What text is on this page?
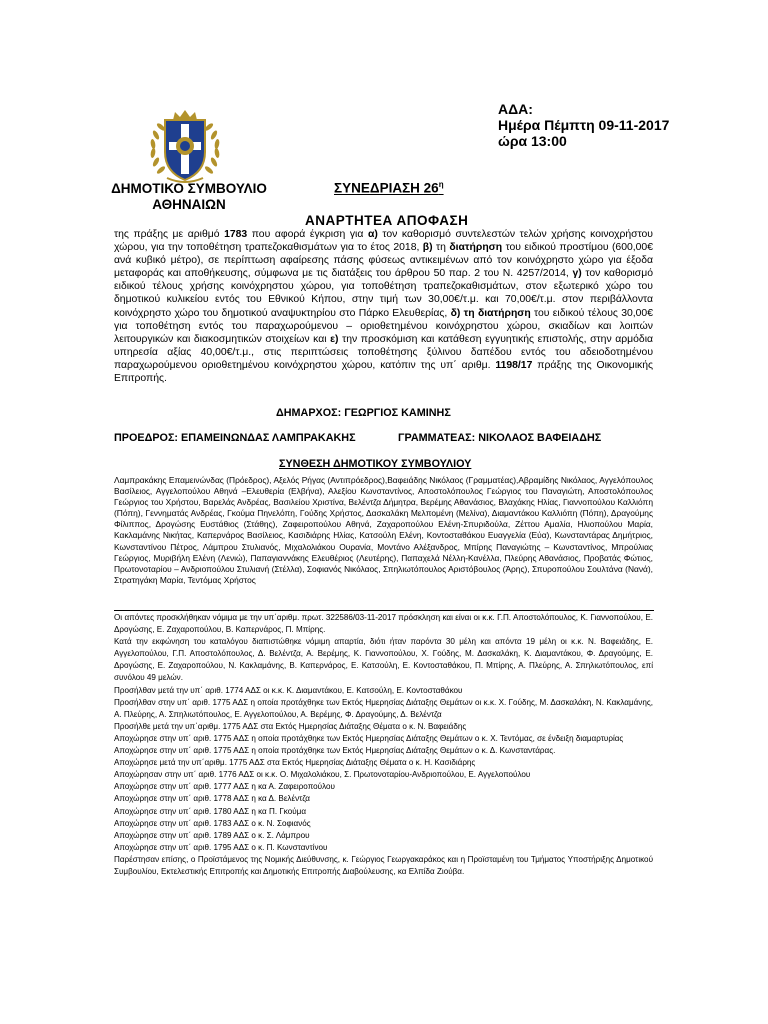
ΑΔΑ:
Ημέρα Πέμπτη 09-11-2017
ώρα 13:00
ΔΗΜΟΤΙΚΟ ΣΥΜΒΟΥΛΙΟ
ΑΘΗΝΑΙΩΝ
ΣΥΝΕΔΡΙΑΣΗ $26^\eta$
ΑΝΑΡΤΗΤΕΑ ΑΠΟΦΑΣΗ
της πράξης με αριθμό 1783 που αφορά έγκριση για α) τον καθορισμό συντελεστών τελών χρήσης κοινοχρήστου χώρου, για την τοποθέτηση τραπεζοκαθισμάτων για το έτος 2018, β) τη διατήρηση του ειδικού προστίμου (600,00€ ανά κυβικό μέτρο), σε περίπτωση αφαίρεσης πάσης φύσεως αντικειμένων από τον κοινόχρηστο χώρο για έξοδα μεταφοράς και αποθήκευσης, σύμφωνα με τις διατάξεις του άρθρου 50 παρ. 2 του Ν. 4257/2014, γ) τον καθορισμό ειδικού τέλους χρήσης κοινόχρηστου χώρου, για τοποθέτηση τραπεζοκαθισμάτων, στον εξωτερικό χώρο του δημοτικού κυλικείου εντός του Εθνικού Κήπου, στην τιμή των 30,00€/τ.μ. και 70,00€/τ.μ. στον περιβάλλοντα κοινόχρηστο χώρο του δημοτικού αναψυκτηρίου στο Πάρκο Ελευθερίας, δ) τη διατήρηση του ειδικού τέλους 30,00€ για τοποθέτηση εντός του παραχωρούμενου – οριοθετημένου κοινόχρηστου χώρου, σκιαδίων και λοιπών λειτουργικών και διακοσμητικών στοιχείων και ε) την προσκόμιση και κατάθεση εγγυητικής επιστολής, στην αρμόδια υπηρεσία αξίας 40,00€/τ.μ., στις περιπτώσεις τοποθέτησης ξύλινου δαπέδου εντός του αδειοδοτημένου παραχωρούμενου οριοθετημένου κοινόχρηστου χώρου, κατόπιν της υπ΄ αριθμ. 1198/17 πράξης της Οικονομικής Επιτροπής.
ΔΗΜΑΡΧΟΣ: ΓΕΩΡΓΙΟΣ ΚΑΜΙΝΗΣ
ΠΡΟΕΔΡΟΣ: ΕΠΑΜΕΙΝΩΝΔΑΣ ΛΑΜΠΡΑΚΑΚΗΣ	ΓΡΑΜΜΑΤΕΑΣ: ΝΙΚΟΛΑΟΣ ΒΑΦΕΙΑΔΗΣ
ΣΥΝΘΕΣΗ ΔΗΜΟΤΙΚΟΥ ΣΥΜΒΟΥΛΙΟΥ
Λαμπρακάκης Επαμεινώνδας (Πρόεδρος), Αξελός Ρήγας (Αντιπρόεδρος),Βαφειάδης Νικόλαος (Γραμματέας),Αβραμίδης Νικόλαος, Αγγελόπουλος Βασίλειος, Αγγελοπούλου Αθηνά –Ελευθερία (Ελβήνα), Αλεξίου Κωνσταντίνος, Αποστολόπουλος Γεώργιος του Παναγιώτη, Αποστολόπουλος Γεώργιος του Χρήστου, Βαρελάς Ανδρέας, Βασιλείου Χριστίνα, Βελέντζα Δήμητρα, Βερέμης Αθανάσιος, Βλαχάκης Ηλίας, Γιαννοπούλου Καλλιόπη (Πόπη), Γεννηματάς Ανδρέας, Γκούμα Πηνελόπη, Γούδης Χρήστος, Δασκαλάκη Μελπομένη (Μελίνα), Διαμαντάκου Καλλιόπη (Πόπη), Δραγούμης Φίλιππος, Δρογώσης Ευστάθιος (Στάθης), Ζαφειροπούλου Αθηνά, Ζαχαροπούλου Ελένη-Σπυριδούλα, Ζέττου Αμαλία, Ηλιοπούλου Μαρία, Κακλαμάνης Νικήτας, Καπερνάρος Βασίλειος, Κασιδιάρης Ηλίας, Κατσούλη Ελένη, Κοντοσταθάκου Ευαγγελία (Εύα), Κωνσταντάρας Δημήτριος, Κωνσταντίνου Πέτρος, Λάμπρου Στυλιανός, Μιχαλολιάκου Ουρανία, Μοντάνο Αλέξανδρος, Μπίρης Παναγιώτης – Κωνσταντίνος, Μπρούλιας Γεώργιος, Μυριβήλη Ελένη (Λενιώ), Παπαγιαννάκης Ελευθέριος (Λευτέρης), Παπαχελά Νέλλη-Κανέλλα, Πλεύρης Αθανάσιος, Προβατάς Φώτιος, Πρωτονοταρίου – Ανδριοπούλου Στυλιανή (Στέλλα), Σοφιανός Νικόλαος, Σπηλιωτόπουλος Αριστόβουλος (Άρης), Σπυροπούλου Σουλτάνα (Νανά), Στρατηγάκη Μαρία, Τεντόμας Χρήστος
Οι απόντες προσκλήθηκαν νόμιμα με την υπ΄αριθμ. πρωτ. 322586/03-11-2017 πρόσκληση και είναι οι κ.κ. Γ.Π. Αποστολόπουλος, Κ. Γιαννοπούλου, Ε. Δρογώσης, Ε. Ζαχαροπούλου, Β. Καπερνάρος, Π. Μπίρης.
Κατά την εκφώνηση του καταλόγου διαπιστώθηκε νόμιμη απαρτία, διότι ήταν παρόντα 30 μέλη και απόντα 19 μέλη οι κ.κ. Ν. Βαφειάδης, Ε. Αγγελοπούλου, Γ.Π. Αποστολόπουλος, Δ. Βελέντζα, Α. Βερέμης, Κ. Γιαννοπούλου, Χ. Γούδης, Μ. Δασκαλάκη, Κ. Διαμαντάκου, Φ. Δραγούμης, Ε. Δρογώσης, Ε. Ζαχαροπούλου, Ν. Κακλαμάνης, Β. Καπερνάρος, Ε. Κατσούλη, Ε. Κοντοσταθάκου, Π. Μπίρης, Α. Πλεύρης, Α. Σπηλιωτόπουλος, επί συνόλου 49 μελών.
Προσήλθαν μετά την υπ΄ αριθ. 1774 ΑΔΣ οι κ.κ. Κ. Διαμαντάκου, Ε. Κατσούλη, Ε. Κοντοσταθάκου
Προσήλθαν στην υπ΄ αριθ. 1775 ΑΔΣ η οποία προτάχθηκε των Εκτός Ημερησίας Διάταξης Θεμάτων οι κ.κ. Χ. Γούδης, Μ. Δασκαλάκη, Ν. Κακλαμάνης, Α. Πλεύρης, Α. Σπηλιωτόπουλος, Ε. Αγγελοπούλου, Α. Βερέμης, Φ. Δραγούμης, Δ. Βελέντζα
Προσήλθε μετά την υπ΄αριθμ. 1775 ΑΔΣ στα Εκτός Ημερησίας Διάταξης Θέματα ο κ. Ν. Βαφειάδης
Αποχώρησε στην υπ΄ αριθ. 1775 ΑΔΣ η οποία προτάχθηκε των Εκτός Ημερησίας Διάταξης Θεμάτων ο κ. Χ. Τεντόμας, σε ένδειξη διαμαρτυρίας
Αποχώρησε στην υπ΄ αριθ. 1775 ΑΔΣ η οποία προτάχθηκε των Εκτός Ημερησίας Διάταξης Θεμάτων ο κ. Δ. Κωνσταντάρας.
Αποχώρησε μετά την υπ΄αριθμ. 1775 ΑΔΣ στα Εκτός Ημερησίας Διάταξης Θέματα ο κ. Η. Κασιδιάρης
Αποχώρησαν στην υπ΄ αριθ. 1776 ΑΔΣ οι κ.κ. Ο. Μιχαλολιάκου, Σ. Πρωτονοταρίου-Ανδριοπούλου, Ε. Αγγελοπούλου
Αποχώρησε στην υπ΄ αριθ. 1777 ΑΔΣ η κα Α. Ζαφειροπούλου
Αποχώρησε στην υπ΄ αριθ. 1778 ΑΔΣ η κα Δ. Βελέντζα
Αποχώρησε στην υπ΄ αριθ. 1780 ΑΔΣ η κα Π. Γκούμα
Αποχώρησε στην υπ΄ αριθ. 1783 ΑΔΣ ο κ. Ν. Σοφιανός
Αποχώρησε στην υπ΄ αριθ. 1789 ΑΔΣ ο κ. Σ. Λάμπρου
Αποχώρησε στην υπ΄ αριθ. 1795 ΑΔΣ ο κ. Π. Κωνσταντίνου
Παρέστησαν επίσης, ο Προϊστάμενος της Νομικής Διεύθυνσης, κ. Γεώργιος Γεωργακαράκος και η Προϊσταμένη του Τμήματος Υποστήριξης Δημοτικού Συμβουλίου, Εκτελεστικής Επιτροπής και Δημοτικής Επιτροπής Διαβούλευσης, κα Ελπίδα Ζιούβα.
